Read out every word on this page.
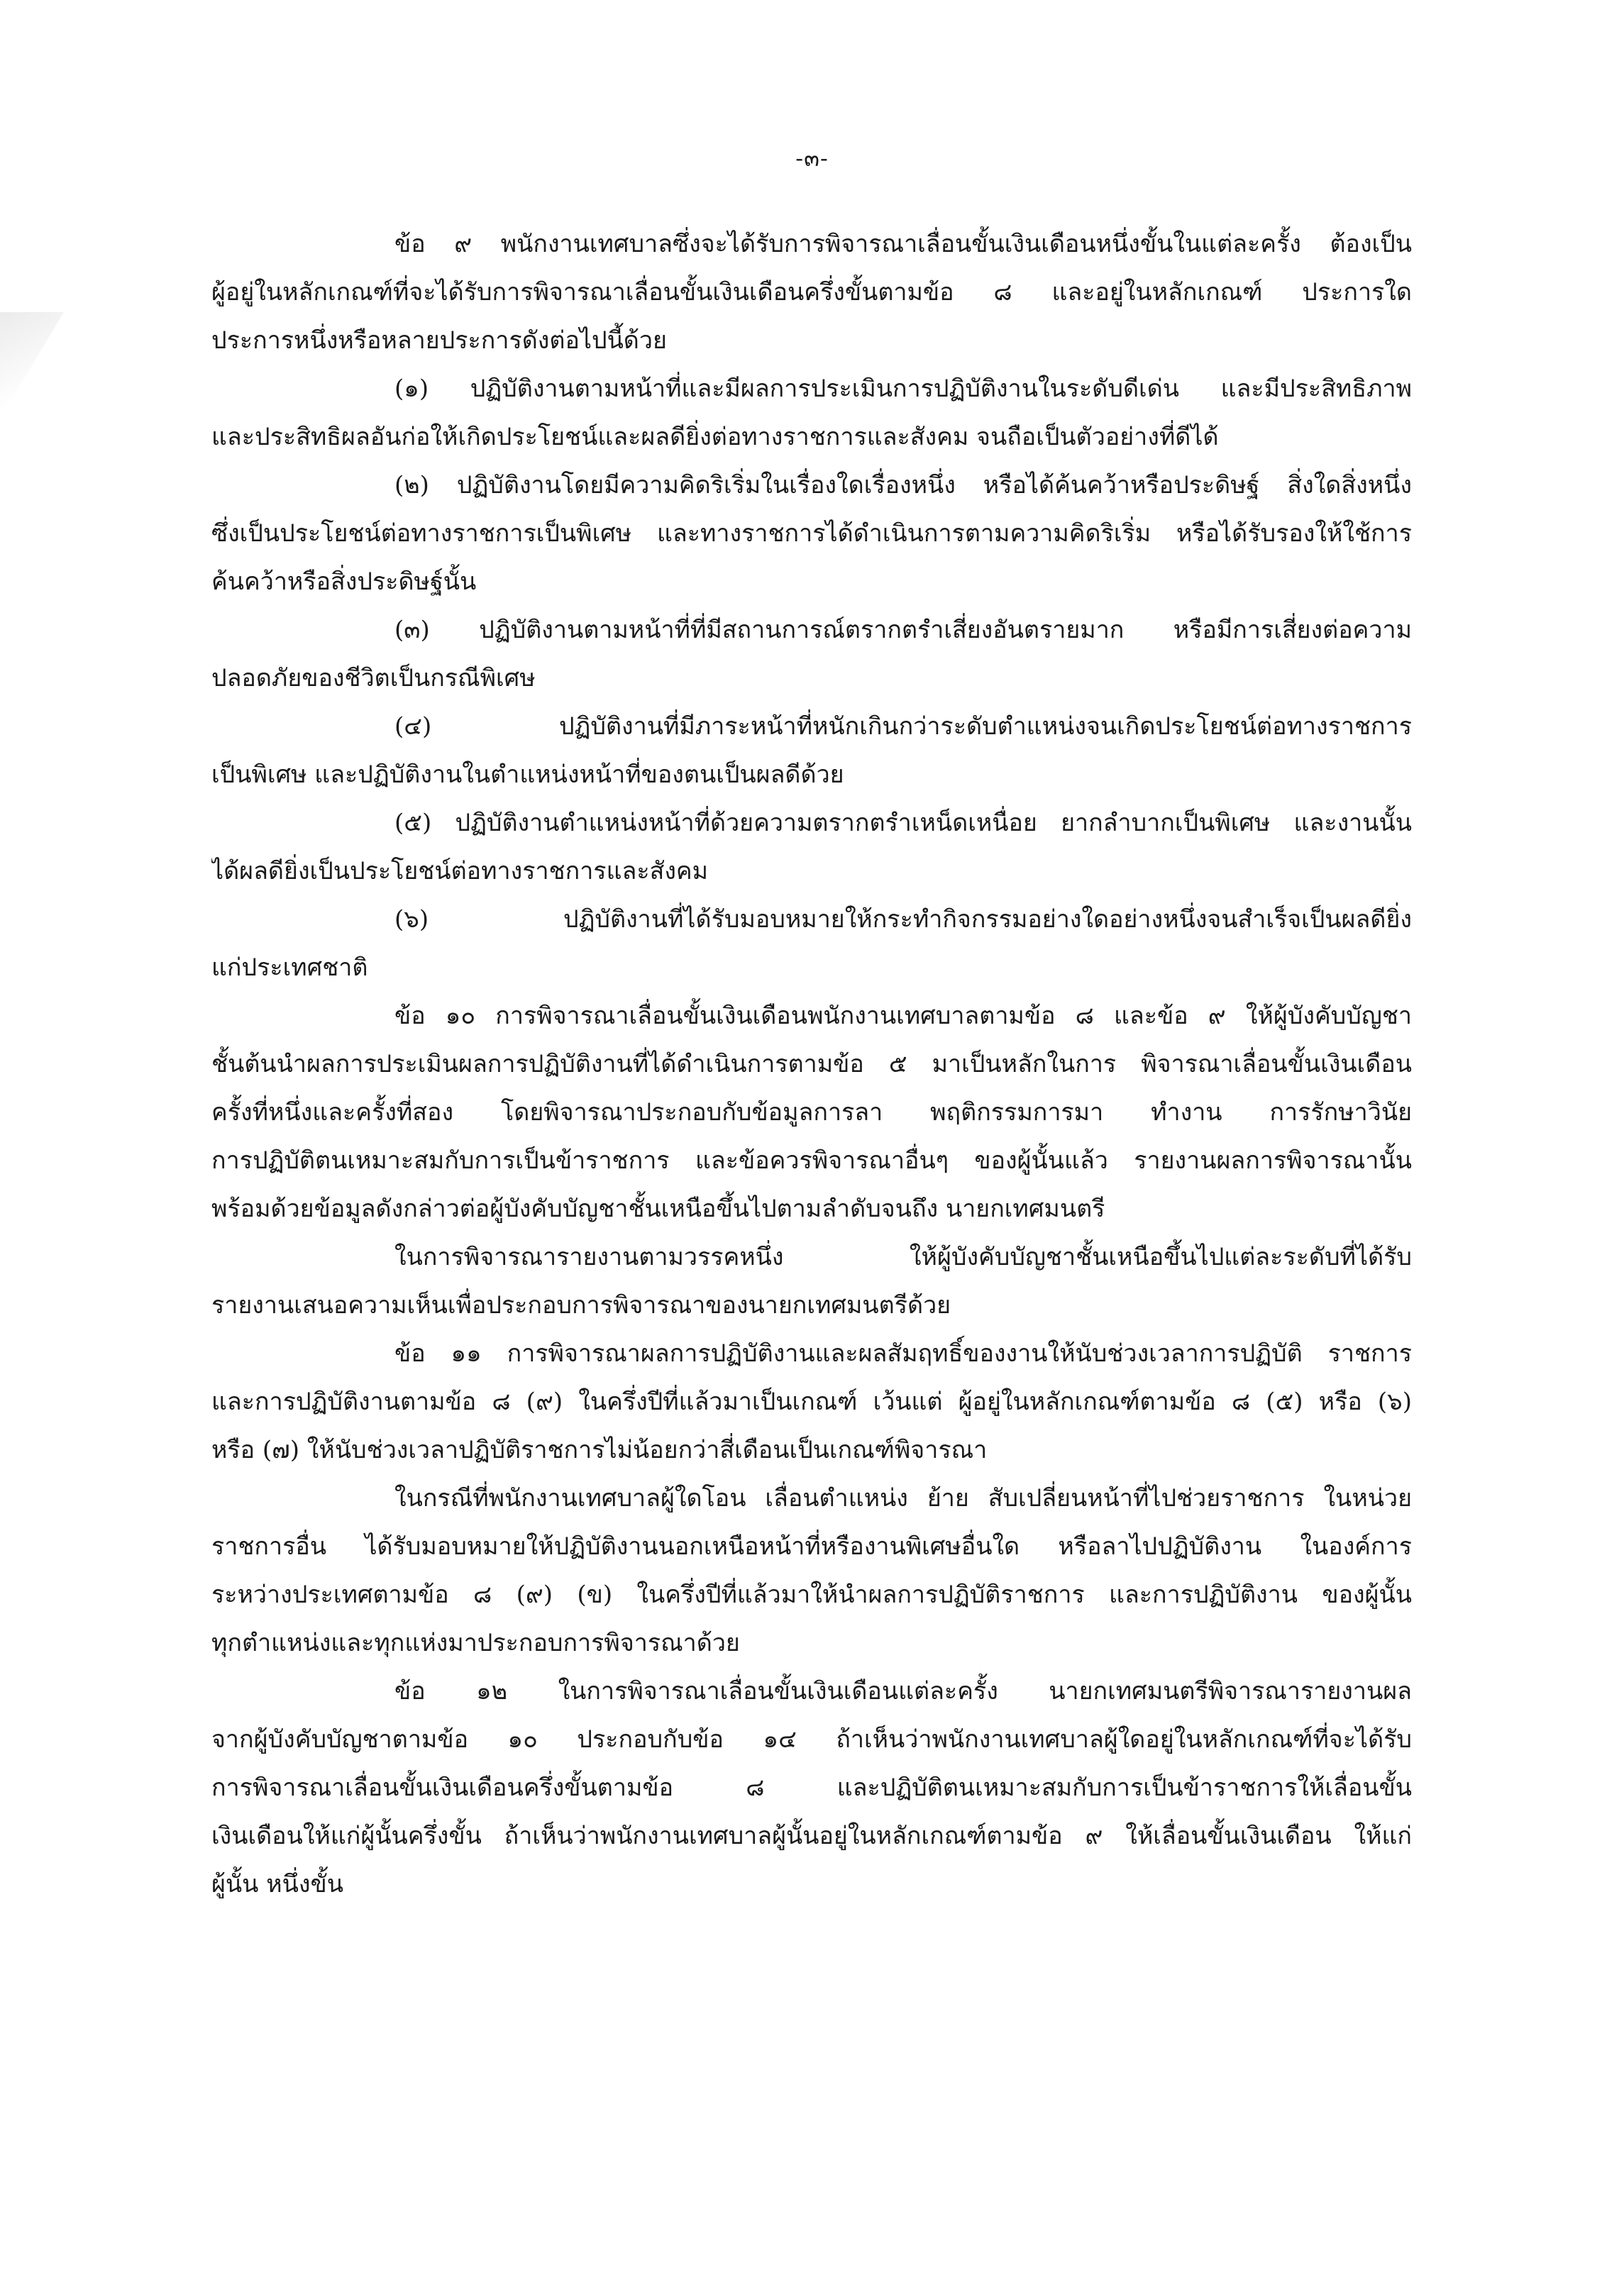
-๓-
ข้อ ๙ พนักงานเทศบาลซึ่งจะได้รับการพิจารณาเลื่อนขั้นเงินเดือนหนึ่งขั้นในแต่ละครั้ง ต้องเป็น
ผู้อยู่ในหลักเกณฑ์ที่จะได้รับการพิจารณาเลื่อนขั้นเงินเดือนครึ่งขั้นตามข้อ ๘ และอยู่ในหลักเกณฑ์ ประการใด
ประการหนึ่งหรือหลายประการดังต่อไปนี้ด้วย
(๑) ปฏิบัติงานตามหน้าที่และมีผลการประเมินการปฏิบัติงานในระดับดีเด่น และมีประสิทธิภาพ
และประสิทธิผลอันก่อให้เกิดประโยชน์และผลดียิ่งต่อทางราชการและสังคม จนถือเป็นตัวอย่างที่ดีได้
(๒) ปฏิบัติงานโดยมีความคิดริเริ่มในเรื่องใดเรื่องหนึ่ง หรือได้ค้นคว้าหรือประดิษฐ์ สิ่งใดสิ่งหนึ่ง
ซึ่งเป็นประโยชน์ต่อทางราชการเป็นพิเศษ และทางราชการได้ดำเนินการตามความคิดริเริ่ม หรือได้รับรองให้ใช้การ
ค้นคว้าหรือสิ่งประดิษฐ์นั้น
(๓) ปฏิบัติงานตามหน้าที่ที่มีสถานการณ์ตรากตรำเสี่ยงอันตรายมาก หรือมีการเสี่ยงต่อความ
ปลอดภัยของชีวิตเป็นกรณีพิเศษ
(๔) ปฏิบัติงานที่มีภาระหน้าที่หนักเกินกว่าระดับตำแหน่งจนเกิดประโยชน์ต่อทางราชการ
เป็นพิเศษ และปฏิบัติงานในตำแหน่งหน้าที่ของตนเป็นผลดีด้วย
(๕) ปฏิบัติงานตำแหน่งหน้าที่ด้วยความตรากตรำเหน็ดเหนื่อย ยากลำบากเป็นพิเศษ และงานนั้น
ได้ผลดียิ่งเป็นประโยชน์ต่อทางราชการและสังคม
(๖) ปฏิบัติงานที่ได้รับมอบหมายให้กระทำกิจกรรมอย่างใดอย่างหนึ่งจนสำเร็จเป็นผลดียิ่ง
แก่ประเทศชาติ
ข้อ ๑๐ การพิจารณาเลื่อนขั้นเงินเดือนพนักงานเทศบาลตามข้อ ๘ และข้อ ๙ ให้ผู้บังคับบัญชา
ชั้นต้นนำผลการประเมินผลการปฏิบัติงานที่ได้ดำเนินการตามข้อ ๕ มาเป็นหลักในการ พิจารณาเลื่อนขั้นเงินเดือน
ครั้งที่หนึ่งและครั้งที่สอง โดยพิจารณาประกอบกับข้อมูลการลา พฤติกรรมการมา ทำงาน การรักษาวินัย
การปฏิบัติตนเหมาะสมกับการเป็นข้าราชการ และข้อควรพิจารณาอื่นๆ ของผู้นั้นแล้ว รายงานผลการพิจารณานั้น
พร้อมด้วยข้อมูลดังกล่าวต่อผู้บังคับบัญชาชั้นเหนือขึ้นไปตามลำดับจนถึง นายกเทศมนตรี
ในการพิจารณารายงานตามวรรคหนึ่ง ให้ผู้บังคับบัญชาชั้นเหนือขึ้นไปแต่ละระดับที่ได้รับ
รายงานเสนอความเห็นเพื่อประกอบการพิจารณาของนายกเทศมนตรีด้วย
ข้อ ๑๑ การพิจารณาผลการปฏิบัติงานและผลสัมฤทธิ์ของงานให้นับช่วงเวลาการปฏิบัติ ราชการ
และการปฏิบัติงานตามข้อ ๘ (๙) ในครึ่งปีที่แล้วมาเป็นเกณฑ์ เว้นแต่ ผู้อยู่ในหลักเกณฑ์ตามข้อ ๘ (๕) หรือ (๖)
หรือ (๗) ให้นับช่วงเวลาปฏิบัติราชการไม่น้อยกว่าสี่เดือนเป็นเกณฑ์พิจารณา
ในกรณีที่พนักงานเทศบาลผู้ใดโอน เลื่อนตำแหน่ง ย้าย สับเปลี่ยนหน้าที่ไปช่วยราชการ ในหน่วย
ราชการอื่น ได้รับมอบหมายให้ปฏิบัติงานนอกเหนือหน้าที่หรืองานพิเศษอื่นใด หรือลาไปปฏิบัติงาน ในองค์การ
ระหว่างประเทศตามข้อ ๘ (๙) (ข) ในครึ่งปีที่แล้วมาให้นำผลการปฏิบัติราชการ และการปฏิบัติงาน ของผู้นั้น
ทุกตำแหน่งและทุกแห่งมาประกอบการพิจารณาด้วย
ข้อ ๑๒ ในการพิจารณาเลื่อนขั้นเงินเดือนแต่ละครั้ง นายกเทศมนตรีพิจารณารายงานผล
จากผู้บังคับบัญชาตามข้อ ๑๐ ประกอบกับข้อ ๑๔ ถ้าเห็นว่าพนักงานเทศบาลผู้ใดอยู่ในหลักเกณฑ์ที่จะได้รับ
การพิจารณาเลื่อนขั้นเงินเดือนครึ่งขั้นตามข้อ ๘ และปฏิบัติตนเหมาะสมกับการเป็นข้าราชการให้เลื่อนขั้น
เงินเดือนให้แก่ผู้นั้นครึ่งขั้น ถ้าเห็นว่าพนักงานเทศบาลผู้นั้นอยู่ในหลักเกณฑ์ตามข้อ ๙ ให้เลื่อนขั้นเงินเดือน ให้แก่
ผู้นั้น หนึ่งขั้น
